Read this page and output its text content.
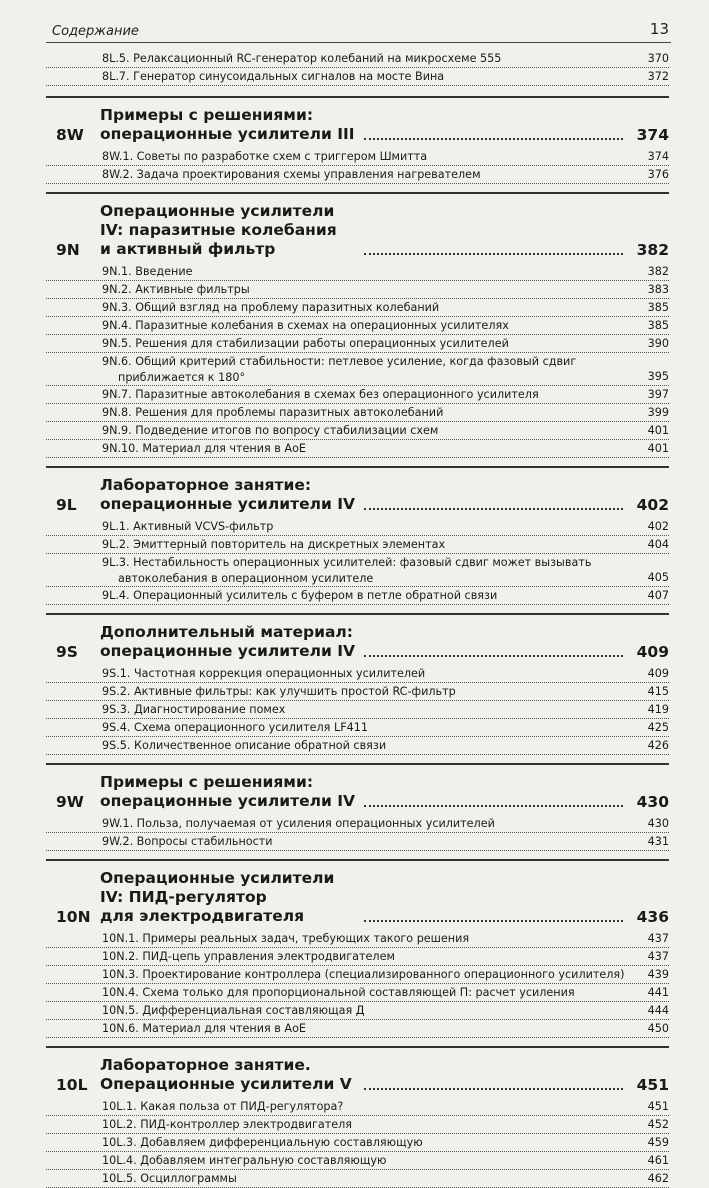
Содержание	13
8L.5. Релаксационный RC-генератор колебаний на микросхеме 555	370
8L.7. Генератор синусоидальных сигналов на мосте Вина	372
8W
Примеры с решениями: операционные усилители III	374
8W.1. Советы по разработке схем с триггером Шмитта	374
8W.2. Задача проектирования схемы управления нагревателем	376
9N
Операционные усилители IV: паразитные колебания
и активный фильтр	382
9N.1. Введение	382
9N.2. Активные фильтры	383
9N.3. Общий взгляд на проблему паразитных колебаний	385
9N.4. Паразитные колебания в схемах на операционных усилителях	385
9N.5. Решения для стабилизации работы операционных усилителей	390
9N.6. Общий критерий стабильности: петлевое усиление, когда фазовый сдвиг
приближается к 180°	395
9N.7. Паразитные автоколебания в схемах без операционного усилителя	397
9N.8. Решения для проблемы паразитных автоколебаний	399
9N.9. Подведение итогов по вопросу стабилизации схем	401
9N.10. Материал для чтения в АоЕ	401
9L
Лабораторное занятие: операционные усилители IV	402
9L.1. Активный VCVS-фильтр	402
9L.2. Эмиттерный повторитель на дискретных элементах	404
9L.3. Нестабильность операционных усилителей: фазовый сдвиг может вызывать
автоколебания в операционном усилителе	405
9L.4. Операционный усилитель с буфером в петле обратной связи	407
9S
Дополнительный материал: операционные усилители IV	409
9S.1. Частотная коррекция операционных усилителей	409
9S.2. Активные фильтры: как улучшить простой RC-фильтр	415
9S.3. Диагностирование помех	419
9S.4. Схема операционного усилителя LF411	425
9S.5. Количественное описание обратной связи	426
9W
Примеры с решениями: операционные усилители IV	430
9W.1. Польза, получаемая от усиления операционных усилителей	430
9W.2. Вопросы стабильности	431
10N
Операционные усилители IV: ПИД-регулятор
для электродвигателя	436
10N.1. Примеры реальных задач, требующих такого решения	437
10N.2. ПИД-цепь управления электродвигателем	437
10N.3. Проектирование контроллера (специализированного операционного усилителя)	439
10N.4. Схема только для пропорциональной составляющей П: расчет усиления	441
10N.5. Дифференциальная составляющая Д	444
10N.6. Материал для чтения в АоЕ	450
10L
Лабораторное занятие. Операционные усилители V	451
10L.1. Какая польза от ПИД-регулятора?	451
10L.2. ПИД-контроллер электродвигателя	452
10L.3. Добавляем дифференциальную составляющую	459
10L.4. Добавляем интегральную составляющую	461
10L.5. Осциллограммы	462
